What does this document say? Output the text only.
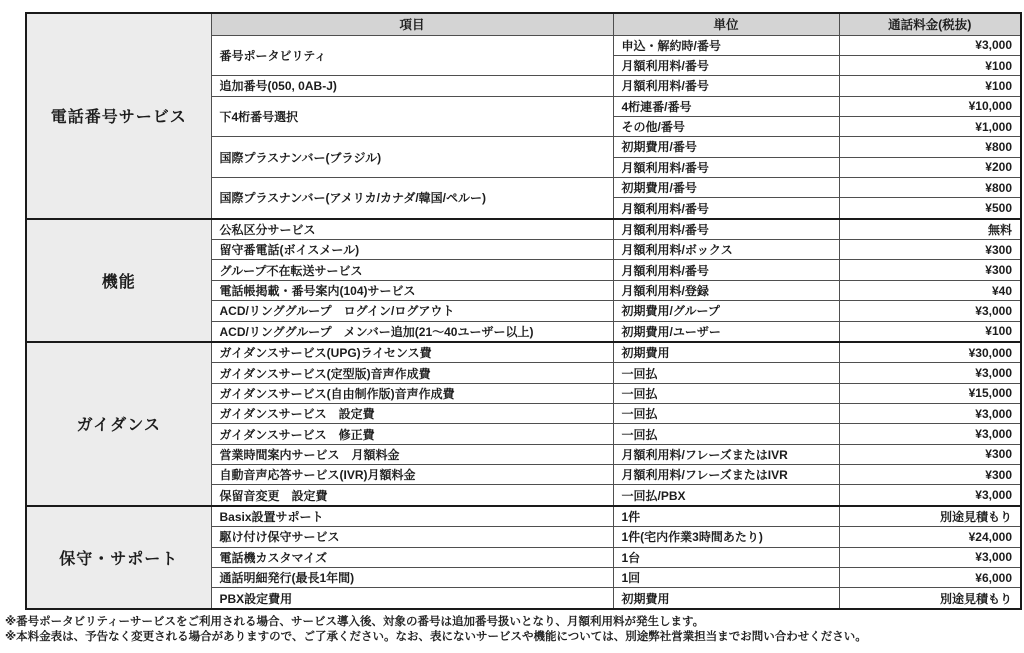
電話番号サービス	項目	単位	通話料金(税抜)
	番号ポータビリティ	申込・解約時/番号	¥3,000
		月額利用料/番号	¥100
	追加番号(050, 0AB-J)	月額利用料/番号	¥100
	下4桁番号選択	4桁連番/番号	¥10,000
		その他/番号	¥1,000
	国際プラスナンバー(ブラジル)	初期費用/番号	¥800
		月額利用料/番号	¥200
	国際プラスナンバー(アメリカ/カナダ/韓国/ペルー)	初期費用/番号	¥800
		月額利用料/番号	¥500
機能	公私区分サービス	月額利用料/番号	無料
	留守番電話(ボイスメール)	月額利用料/ボックス	¥300
	グループ不在転送サービス	月額利用料/番号	¥300
	電話帳掲載・番号案内(104)サービス	月額利用料/登録	¥40
	ACD/リンググループ　ログイン/ログアウト	初期費用/グループ	¥3,000
	ACD/リンググループ　メンバー追加(21〜40ユーザー以上)	初期費用/ユーザー	¥100
ガイダンス	ガイダンスサービス(UPG)ライセンス費	初期費用	¥30,000
	ガイダンスサービス(定型版)音声作成費	一回払	¥3,000
	ガイダンスサービス(自由制作版)音声作成費	一回払	¥15,000
	ガイダンスサービス　設定費	一回払	¥3,000
	ガイダンスサービス　修正費	一回払	¥3,000
	営業時間案内サービス　月額料金	月額利用料/フレーズまたはIVR	¥300
	自動音声応答サービス(IVR)月額料金	月額利用料/フレーズまたはIVR	¥300
	保留音変更　設定費	一回払/PBX	¥3,000
保守・サポート	Basix設置サポート	1件	別途見積もり
	駆け付け保守サービス	1件(宅内作業3時間あたり)	¥24,000
	電話機カスタマイズ	1台	¥3,000
	通話明細発行(最長1年間)	1回	¥6,000
	PBX設定費用	初期費用	別途見積もり
※番号ポータビリティーサービスをご利用される場合、サービス導入後、対象の番号は追加番号扱いとなり、月額利用料が発生します。
※本料金表は、予告なく変更される場合がありますので、ご了承ください。なお、表にないサービスや機能については、別途弊社営業担当までお問い合わせください。
